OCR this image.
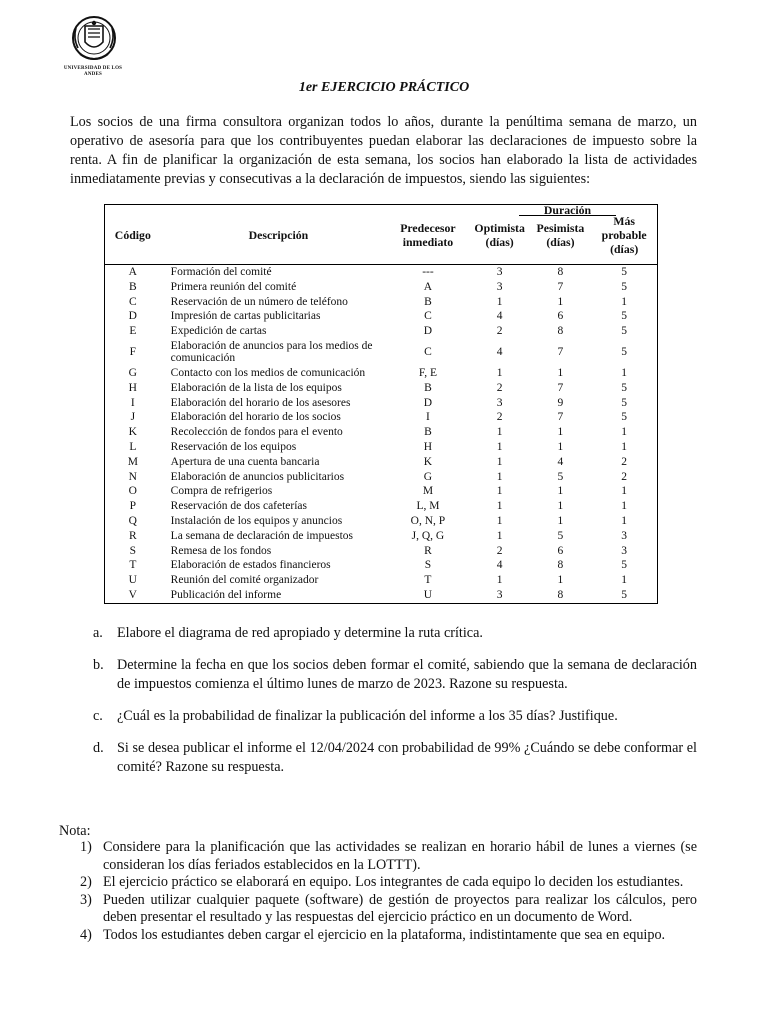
UNIVERSIDAD DE LOS ANDES
1er EJERCICIO PRÁCTICO
Los socios de una firma consultora organizan todos lo años, durante la penúltima semana de marzo, un operativo de asesoría para que los contribuyentes puedan elaborar las declaraciones de impuesto sobre la renta. A fin de planificar la organización de esta semana, los socios han elaborado la lista de actividades inmediatamente previas y consecutivas a la declaración de impuestos, siendo las siguientes:
Duración
Código	Descripción	Predecesor inmediato	Optimista (días)	Pesimista (días)	Más probable (días)
A	Formación del comité	---	3	8	5
B	Primera reunión del comité	A	3	7	5
C	Reservación de un número de teléfono	B	1	1	1
D	Impresión de cartas publicitarias	C	4	6	5
E	Expedición de cartas	D	2	8	5
F	Elaboración de anuncios para los medios de comunicación	C	4	7	5
G	Contacto con los medios de comunicación	F, E	1	1	1
H	Elaboración de la lista de los equipos	B	2	7	5
I	Elaboración del horario de los asesores	D	3	9	5
J	Elaboración del horario de los socios	I	2	7	5
K	Recolección de fondos para el evento	B	1	1	1
L	Reservación de los equipos	H	1	1	1
M	Apertura de una cuenta bancaria	K	1	4	2
N	Elaboración de anuncios publicitarios	G	1	5	2
O	Compra de refrigerios	M	1	1	1
P	Reservación de dos cafeterías	L, M	1	1	1
Q	Instalación de los equipos y anuncios	O, N, P	1	1	1
R	La semana de declaración de impuestos	J, Q, G	1	5	3
S	Remesa de los fondos	R	2	6	3
T	Elaboración de estados financieros	S	4	8	5
U	Reunión del comité organizador	T	1	1	1
V	Publicación del informe	U	3	8	5
a. Elabore el diagrama de red apropiado y determine la ruta crítica.
b. Determine la fecha en que los socios deben formar el comité, sabiendo que la semana de declaración de impuestos comienza el último lunes de marzo de 2023. Razone su respuesta.
c. ¿Cuál es la probabilidad de finalizar la publicación del informe a los 35 días? Justifique.
d. Si se desea publicar el informe el 12/04/2024 con probabilidad de 99% ¿Cuándo se debe conformar el comité? Razone su respuesta.
Nota:
1) Considere para la planificación que las actividades se realizan en horario hábil de lunes a viernes (se consideran los días feriados establecidos en la LOTTT).
2) El ejercicio práctico se elaborará en equipo. Los integrantes de cada equipo lo deciden los estudiantes.
3) Pueden utilizar cualquier paquete (software) de gestión de proyectos para realizar los cálculos, pero deben presentar el resultado y las respuestas del ejercicio práctico en un documento de Word.
4) Todos los estudiantes deben cargar el ejercicio en la plataforma, indistintamente que sea en equipo.
